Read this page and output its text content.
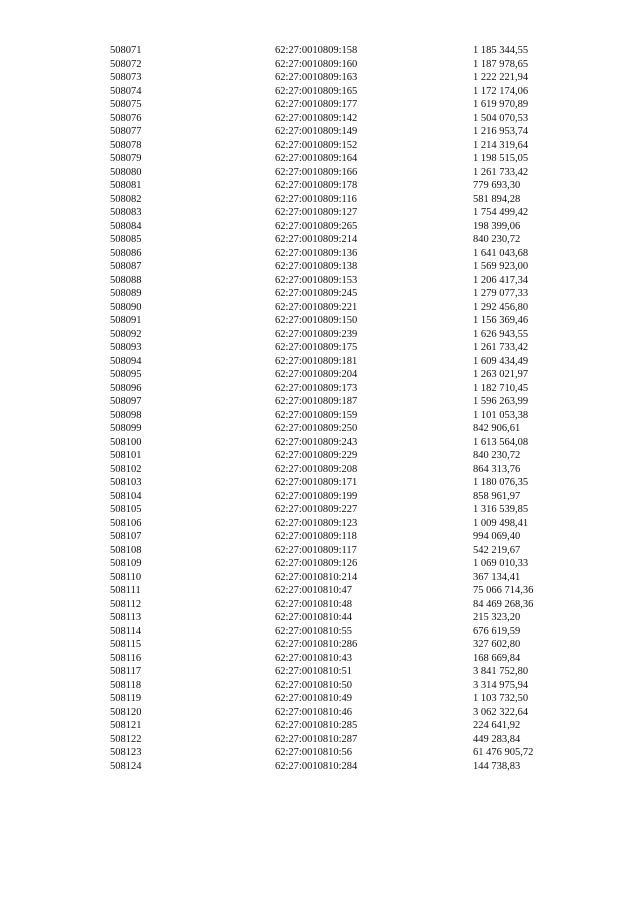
508071	62:27:0010809:158	1 185 344,55
508072	62:27:0010809:160	1 187 978,65
508073	62:27:0010809:163	1 222 221,94
508074	62:27:0010809:165	1 172 174,06
508075	62:27:0010809:177	1 619 970,89
508076	62:27:0010809:142	1 504 070,53
508077	62:27:0010809:149	1 216 953,74
508078	62:27:0010809:152	1 214 319,64
508079	62:27:0010809:164	1 198 515,05
508080	62:27:0010809:166	1 261 733,42
508081	62:27:0010809:178	779 693,30
508082	62:27:0010809:116	581 894,28
508083	62:27:0010809:127	1 754 499,42
508084	62:27:0010809:265	198 399,06
508085	62:27:0010809:214	840 230,72
508086	62:27:0010809:136	1 641 043,68
508087	62:27:0010809:138	1 569 923,00
508088	62:27:0010809:153	1 206 417,34
508089	62:27:0010809:245	1 279 077,33
508090	62:27:0010809:221	1 292 456,80
508091	62:27:0010809:150	1 156 369,46
508092	62:27:0010809:239	1 626 943,55
508093	62:27:0010809:175	1 261 733,42
508094	62:27:0010809:181	1 609 434,49
508095	62:27:0010809:204	1 263 021,97
508096	62:27:0010809:173	1 182 710,45
508097	62:27:0010809:187	1 596 263,99
508098	62:27:0010809:159	1 101 053,38
508099	62:27:0010809:250	842 906,61
508100	62:27:0010809:243	1 613 564,08
508101	62:27:0010809:229	840 230,72
508102	62:27:0010809:208	864 313,76
508103	62:27:0010809:171	1 180 076,35
508104	62:27:0010809:199	858 961,97
508105	62:27:0010809:227	1 316 539,85
508106	62:27:0010809:123	1 009 498,41
508107	62:27:0010809:118	994 069,40
508108	62:27:0010809:117	542 219,67
508109	62:27:0010809:126	1 069 010,33
508110	62:27:0010810:214	367 134,41
508111	62:27:0010810:47	75 066 714,36
508112	62:27:0010810:48	84 469 268,36
508113	62:27:0010810:44	215 323,20
508114	62:27:0010810:55	676 619,59
508115	62:27:0010810:286	327 602,80
508116	62:27:0010810:43	168 669,84
508117	62:27:0010810:51	3 841 752,80
508118	62:27:0010810:50	3 314 975,94
508119	62:27:0010810:49	1 103 732,50
508120	62:27:0010810:46	3 062 322,64
508121	62:27:0010810:285	224 641,92
508122	62:27:0010810:287	449 283,84
508123	62:27:0010810:56	61 476 905,72
508124	62:27:0010810:284	144 738,83
